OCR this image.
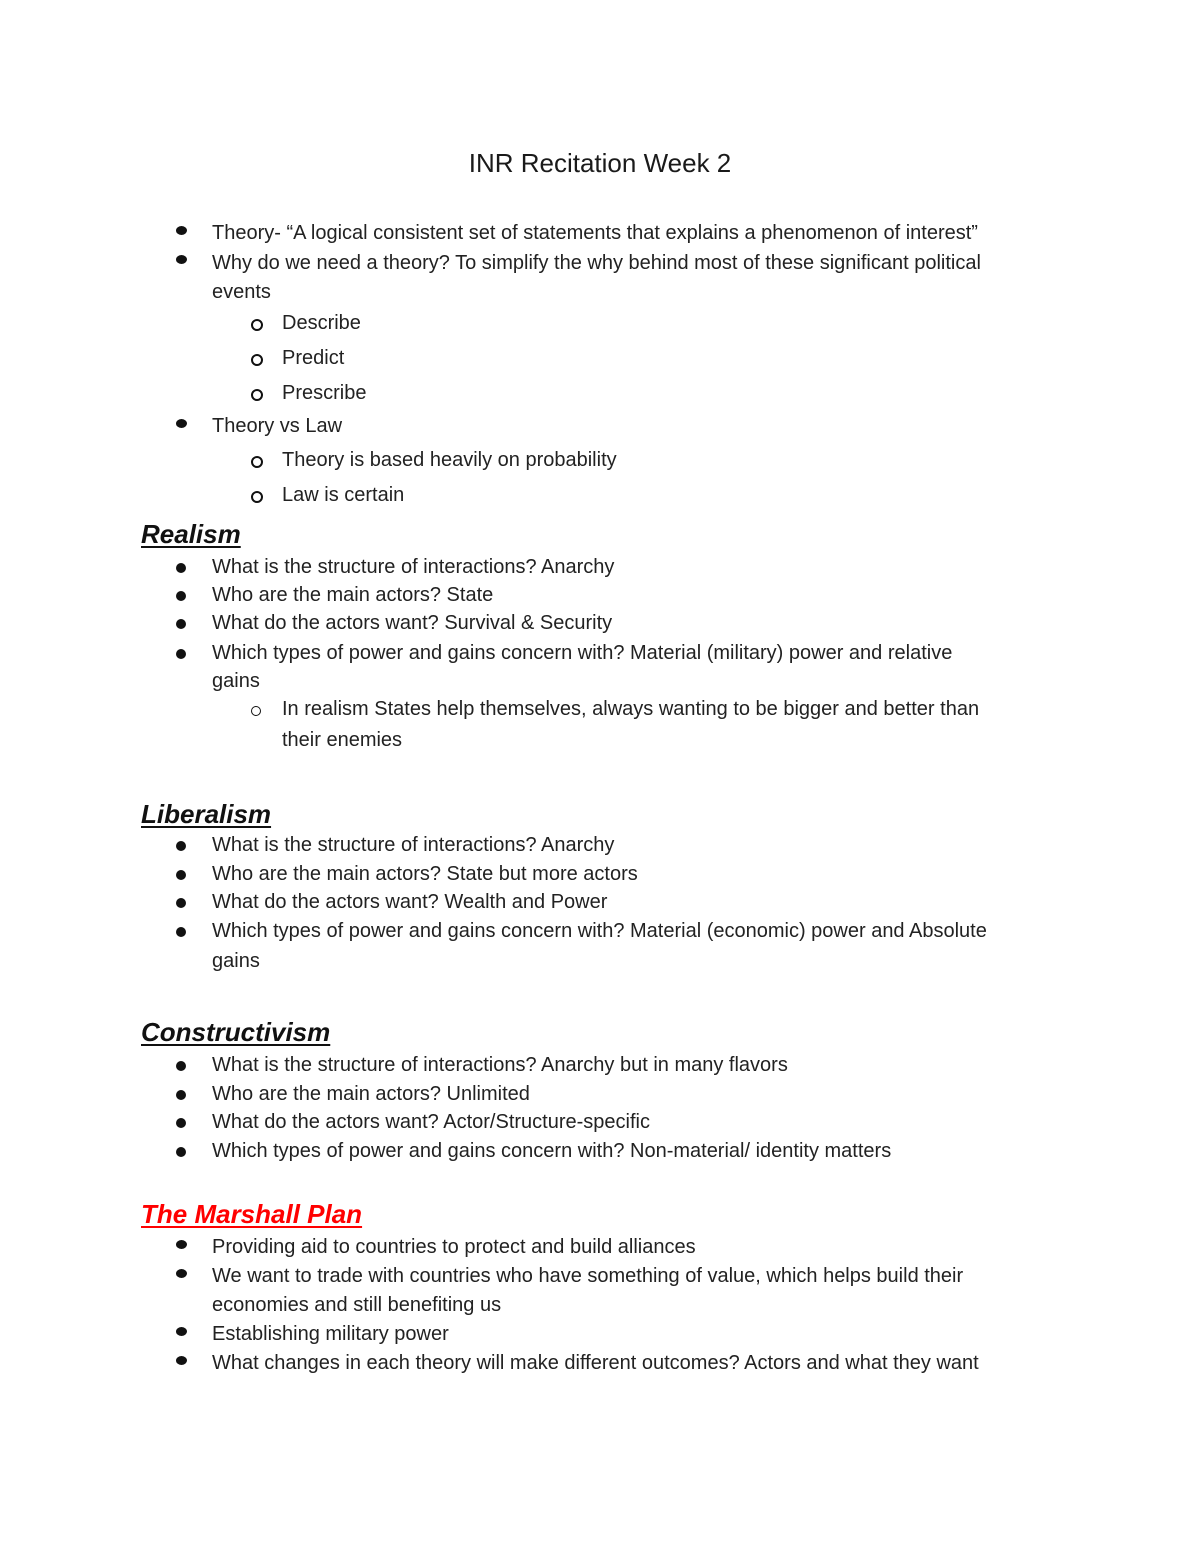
INR Recitation Week 2
Theory- “A logical consistent set of statements that explains a phenomenon of interest”
Why do we need a theory? To simplify the why behind most of these significant political
events
Describe
Predict
Prescribe
Theory vs Law
Theory is based heavily on probability
Law is certain
Realism
What is the structure of interactions? Anarchy
Who are the main actors? State
What do the actors want? Survival & Security
Which types of power and gains concern with? Material (military) power and relative
gains
In realism States help themselves, always wanting to be bigger and better than
their enemies
Liberalism
What is the structure of interactions? Anarchy
Who are the main actors? State but more actors
What do the actors want? Wealth and Power
Which types of power and gains concern with? Material (economic) power and Absolute
gains
Constructivism
What is the structure of interactions? Anarchy but in many flavors
Who are the main actors? Unlimited
What do the actors want? Actor/Structure-specific
Which types of power and gains concern with? Non-material/ identity matters
The Marshall Plan
Providing aid to countries to protect and build alliances
We want to trade with countries who have something of value, which helps build their
economies and still benefiting us
Establishing military power
What changes in each theory will make different outcomes? Actors and what they want
